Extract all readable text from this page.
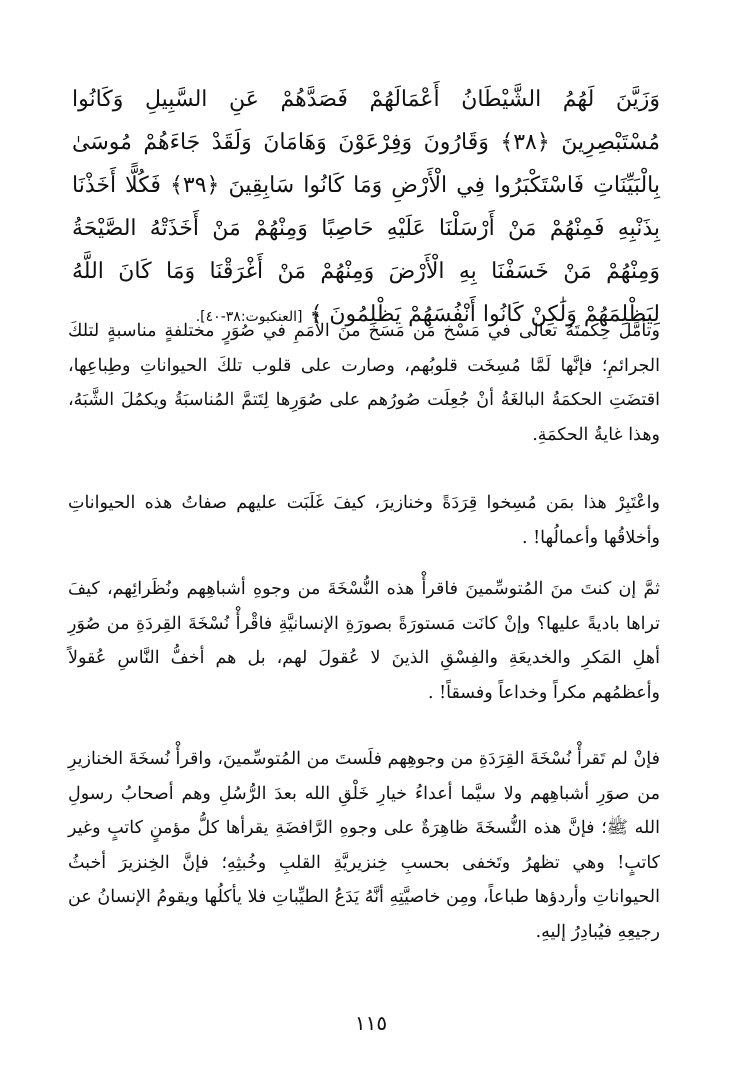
وَزَيَّنَ لَهُمُ الشَّيْطَانُ أَعْمَالَهُمْ فَصَدَّهُمْ عَنِ السَّبِيلِ وَكَانُوا مُسْتَبْصِرِينَ ﴿٣٨﴾ وَقَارُونَ وَفِرْعَوْنَ وَهَامَانَ وَلَقَدْ جَاءَهُمْ مُوسَىٰ بِالْبَيِّنَاتِ فَاسْتَكْبَرُوا فِي الْأَرْضِ وَمَا كَانُوا سَابِقِينَ ﴿٣٩﴾ فَكُلًّا أَخَذْنَا بِذَنْبِهِ فَمِنْهُمْ مَنْ أَرْسَلْنَا عَلَيْهِ حَاصِبًا وَمِنْهُمْ مَنْ أَخَذَتْهُ الصَّيْحَةُ وَمِنْهُمْ مَنْ خَسَفْنَا بِهِ الْأَرْضَ وَمِنْهُمْ مَنْ أَغْرَقْنَا وَمَا كَانَ اللَّهُ لِيَظْلِمَهُمْ وَلَٰكِنْ كَانُوا أَنْفُسَهُمْ يَظْلِمُونَ ﴾ [العنكبوت:٣٨-٤٠].

وتأمَّل حِكمتَهُ تعالى في مَسْخ مَن مَسَخ منَ الأُمَمِ في صُوَرٍ مختلفةٍ مناسبةٍ لتلكَ الجرائمِ؛ فإنَّها لَمَّا مُسِخَت قلوبُهم، وصارت على قلوب تلكَ الحيواناتِ وطِباعِها، اقتضَتِ الحكمَةُ البالغَةُ أنْ جُعِلَت صُورُهم على صُوَرِها لِتَتمَّ المُناسبَةُ ويكمُلَ الشَّبَهُ، وهذا غايةُ الحكمَةِ.

واعْتَبِرْ هذا بمَن مُسِخوا قِرَدَةً وخنازيرَ، كيفَ غَلَبَت عليهم صفاتُ هذه الحيواناتِ وأخلاقُها وأعمالُها! .

ثمَّ إن كنتَ منَ المُتوسِّمينَ فاقرأْ هذه النُّسْخَةَ من وجوهِ أشباهِهم ونُظَرائِهم، كيفَ تراها باديةً عليها؟ وإنْ كانَت مَستورَةً بصورَةِ الإنسانيَّةِ فاقْرأْ نُسْخَةَ القِردَةِ من صُوَرِ أهلِ المَكرِ والخديعَةِ والفِسْقِ الذينَ لا عُقولَ لهم، بل هم أخفُّ النَّاسِ عُقولاً وأعظمُهم مكراً وخداعاً وفسقاً! .

فإنْ لم تَقرأْ نُسْخَةَ القِرَدَةِ من وجوهِهم فلَستَ من المُتوسِّمينَ، واقرأْ نُسخَةَ الخنازيرِ من صوَرِ أشباهِهم ولا سيَّما أعداءُ خيارِ خَلْقِ الله بعدَ الرُّسُلِ وهم أصحابُ رسولِ الله ﷺ؛ فإنَّ هذه النُّسخَةَ ظاهِرَةٌ على وجوهِ الرَّافضَةِ يقرأها كلُّ مؤمنٍ كاتبٍ وغير كاتبٍ! وهي تظهرُ وتَخفى بحسبِ خِنزيريَّةِ القلبِ وخُبثِهِ؛ فإنَّ الخِنزيرَ أخبثُ الحيواناتِ وأردؤها طباعاً، ومِن خاصيَّتِهِ أنَّهُ يَدَعُ الطيِّباتِ فلا يأكلُها ويقومُ الإنسانُ عن رجيعِهِ فيُبادِرُ إليهِ.

١١٥
